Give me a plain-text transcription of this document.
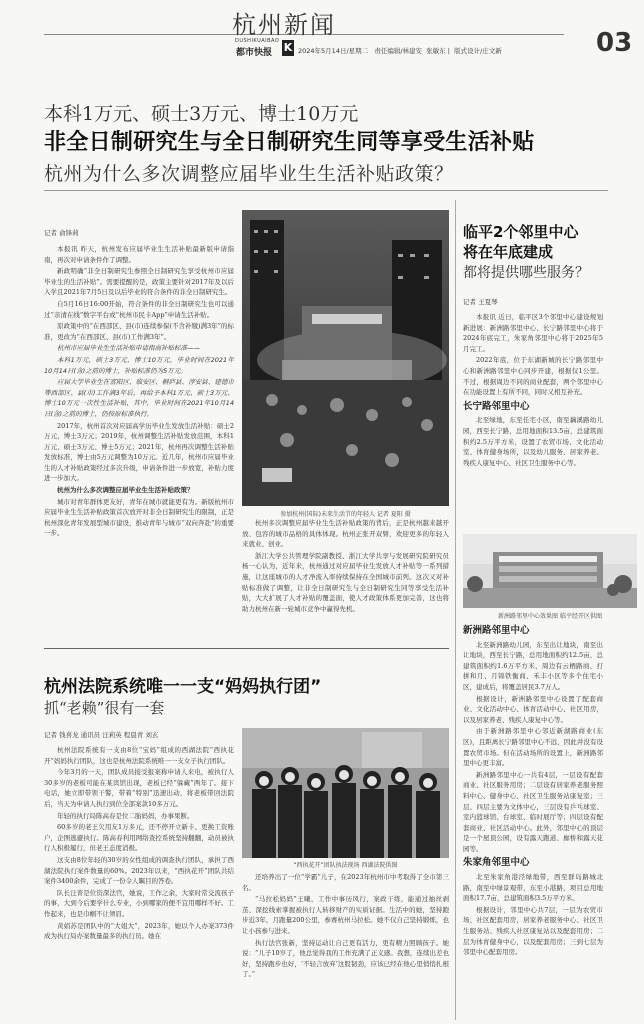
杭州新闻
DUSHIKUAIBAO
都市快报 K 2024年5月14日/星期二 责任编辑/林建安 张敏东 |  版式设计/庄文新	03
本科1万元、硕士3万元、博士10万元
非全日制研究生与全日制研究生同等享受生活补贴
杭州为什么多次调整应届毕业生生活补贴政策？
记者 俞锋莉

本报讯 昨天，杭州发布应届毕业生生活补贴最新版申请指南，再次对申请条件作了调整。

新政明确“非全日制研究生参照全日制研究生享受杭州市应届毕业生的生活补贴”。需要提醒的是，政策主要针对2017年及以后入学且2021年7月5日及以后毕业的符合条件的非全日制研究生。

自5月16日16:00开始，符合条件的非全日制研究生也可以通过“亲清在线”数字平台或“杭州市民卡App”申请生活补贴。

原政策中的“在西部区、县(市)连续参保(不含补缴)满3年”的标准，更改为“在西部区、县(市)工作满3年”。

杭州市应届毕业生生活补贴申请指南补贴标准——

本科1万元，硕士3万元，博士10万元，毕业时间在2021年10月14日(含)之前的博士，补贴标准仍为5万元。

应届大学毕业生在富阳区、临安区、桐庐县、淳安县、建德市等西部区、县(市)工作满3年后，再给予本科1万元、硕士3万元、博士10万元一次性生活补贴，其中，毕业时间在2021年10月14日(含)之前的博士，仍按原标准执行。

2017年，杭州首次对应届高学历毕业生发放生活补贴：硕士2万元，博士3万元；2019年，杭州调整生活补贴发放范围，本科1万元、硕士3万元、博士5万元；2021年，杭州再次调整生活补贴发放标准，博士由5万元调整为10万元。近几年，杭州市应届毕业生的人才补贴政策经过多次升级，申请条件进一步放宽，补贴力度进一步加大。

杭州为什么多次调整应届毕业生生活补贴政策？

城市对青年群体更友好，青年在城市就能更有为。新版杭州市应届毕业生生活补贴政策首次放开对非全日制研究生的限制，正是杭州深化青年发展型城市建设，推动青年与城市“双向奔赴”的重要一步。

参加杭州(国际)未来生活节的年轻人 记者 夏阳 摄

杭州多次调整应届毕业生生活补贴政策的背后，正是杭州越来越开放、包容的城市品格的具体体现。杭州正张开双臂，欢迎更多的年轻人来就业、创业。

浙江大学公共管理学院副教授、浙江大学共享与发展研究院研究员杨一心认为，近年来，杭州通过对应届毕业生发放人才补贴等一系列措施，让这座城市的人才净流入率持续保持在全国城市前列。这次又对补贴标准做了调整，让非全日制研究生与全日制研究生同等享受生活补贴，大大扩展了人才补贴的覆盖面，使人才政策体系更加完善，这也将助力杭州在新一轮城市竞争中赢得先机。

杭州法院系统唯一一支“妈妈执行团”
抓“老赖”很有一套
记者 钱喜龙 通讯员 汪莉英 程晨青 刘玄

杭州法院系统有一支由8位“宝妈”组成的西湖法院“西执花开”妈妈执行团队，这也是杭州法院系统唯一一支女子执行团队。

今年3月的一天，团队成员接受报案称申请人来电，被执行人30多岁的老板可能在某宾馆出现，老板已经“躲藏”两年了。接下电话，她立即带领干警，带着“特别”迅速出动，将老板带回法院后，当天为申请人执行到位全部案款10多万元。

年轻的执行局陈高春是位二胎妈妈，办事果断。

60多岁的老王欠用友1万多元，还不停开立新卡、更换工资账户，企图逃避执行。陈高春利用网络查控系统坚持翻翻，动员被执行人积极履行，但老王态度消极。

这支由8位年轻的30岁的女性组成的调查执行团队，承担了西湖法院执行案件数量的60%。2023年以来，“西执花开”团队共结案件3400余件，完成了一份令人瞩目的答卷。

队长汪菁是位资深法官，她说，工作之余，大家时常交流孩子的事，大到今后要学什么专业，小到哪家的便不宜用哪样不好。工作起来，也是巾帼不让须眉。

黄娟苏是团队中的“大姐大”，2023年，她以个人办案373件成为执行局办案数量最多的执行员。她在

“西执花开”团队执法现场 西湖法院供图

还培养出了一位“学霸”儿子，在2023年杭州市中考取得了全市第三名。

“马拉松妈妈”王曦，工作中事历风行，案政干练，能通过抽丝剥茧、深挖线索掌握被执行人转移财产的实质证据。生活中的她，坚持跑步近3年，月跑量200公里，参赛杭州马拉松。她不仅自己坚持锻炼，也让小孩参与进来。

执行法官张新，坚持运动让自己更有活力，更有精力照顾孩子。她说：“儿子10岁了，他总觉得我的工作充满了正义感。我想，连续出差也好，坚持跑步也好，‘不轻言放弃’这股韧劲，应该已经在他心里悄悄扎根了。”

临平2个邻里中心
将在年底建成
都将提供哪些服务？
记者 王夏琴

本报讯 近日，临平区3个邻里中心建设规划新进展：新洲路邻里中心、长宁路邻里中心将于2024年底完工，朱家角邻里中心将于2025年5月完工。

2022年底，位于东湖新城的长宁路邻里中心和新洲路邻里中心同步开建，根据仅1公里。不过，根据周边不同的商业配套，两个邻里中心在功能设置上有所不同，同时又相互补充。

长宁路邻里中心

北至绿地，东至任宅小区，南至藕溪路幼儿园，西至长宁路，总用地面积13.5亩，总建筑面积约2.5万平方米，设置了农贸市场、文化活动室、体育健身场所，以及幼儿服务、居家养老、残疾人康复中心、社区卫生服务中心等。

新洲路邻里中心效果图 临平经开区供图
新洲路邻里中心

北至新洲路幼儿园，东至出让地块，南至出让地块，西至长宁路，总用地面积约12.5亩，总建筑面积约1.6万平方米，周边有云栖路商、打拼和月、月锦铁衡商、禾丰小区等多个住宅小区，建成后，将覆盖居民3.7万人。

根据设计，新洲路邻里中心设置了配套商业、文化活动中心、体育活动中心、社区用房，以及居家养老、残疾人康复中心等。

由于新洲路邻里中心邻近新湖路商业(东区)，且距离长宁路邻里中心不远，因此并没有设置农贸市场。但在活动场所的设置上，新洲路邻里中心更丰富。

新洲路邻里中心一共有4层，一层设有配套商业、社区服务用房；二层设有居家养老服务照料中心、健身中心、社区卫生服务站康复室；三层、四层主要为文体中心，三层设有乒乓球室、室内篮球馆、台球室、临时展厅等；四层设有配套商业、社区活动中心。此外，邻里中心的顶层是一个屋顶公园，设有露天跑道、廊桥和露天花园等。

朱家角邻里中心

北至朱家角港泾绿地带，西至群岛路城北路，南至中绿景观带，东至小港路，项目总用地面积17.7亩，总建筑面积3.5万平方米。

根据设计，邻里中心共7层，一层为农贸市场、社区配套用房，居家养老服务中心、社区卫生服务站、残疾人社区康复站以及配套用房；二层为体育健身中心，以及配套用房；三到七层为邻里中心配套用房。
